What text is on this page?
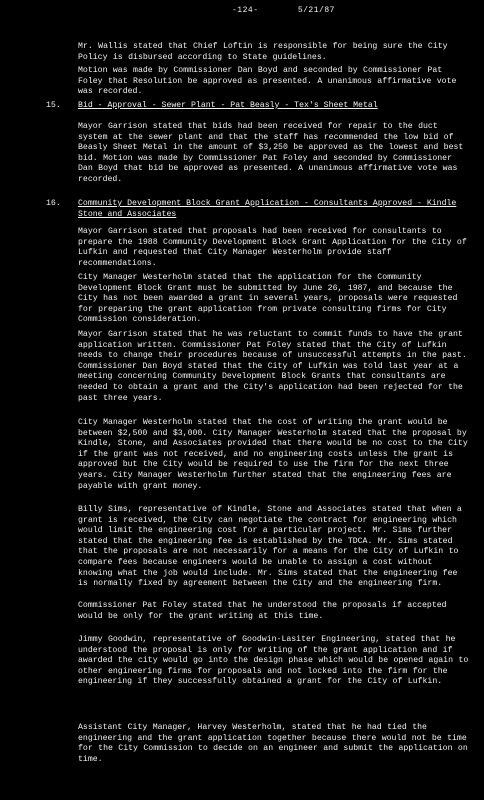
-124-	5/21/87

Mr. Wallis stated that Chief Loftin is responsible for being sure the City Policy is disbursed according to State guidelines.

Motion was made by Commissioner Dan Boyd and seconded by Commissioner Pat Foley that Resolution be approved as presented. A unanimous affirmative vote was recorded.

15. Bid - Approval - Sewer Plant - Pat Beasly - Tex's Sheet Metal

Mayor Garrison stated that bids had been received for repair to the duct system at the sewer plant and that the staff has recommended the low bid of Beasly Sheet Metal in the amount of $3,250 be approved as the lowest and best bid. Motion was made by Commissioner Pat Foley and seconded by Commissioner Dan Boyd that bid be approved as presented. A unanimous affirmative vote was recorded.

16. Community Development Block Grant Application - Consultants Approved - Kindle Stone and Associates

Mayor Garrison stated that proposals had been received for consultants to prepare the 1988 Community Development Block Grant Application for the City of Lufkin and requested that City Manager Westerholm provide staff recommendations.

City Manager Westerholm stated that the application for the Community Development Block Grant must be submitted by June 26, 1987, and because the City has not been awarded a grant in several years, proposals were requested for preparing the grant application from private consulting firms for City Commission consideration.

Mayor Garrison stated that he was reluctant to commit funds to have the grant application written. Commissioner Pat Foley stated that the City of Lufkin needs to change their procedures because of unsuccessful attempts in the past. Commissioner Dan Boyd stated that the City of Lufkin was told last year at a meeting concerning Community Development Block Grants that consultants are needed to obtain a grant and the City's application had been rejected for the past three years.

City Manager Westerholm stated that the cost of writing the grant would be between $2,500 and $3,000. City Manager Westerholm stated that the proposal by Kindle, Stone, and Associates provided that there would be no cost to the City if the grant was not received, and no engineering costs unless the grant is approved but the City would be required to use the firm for the next three years. City Manager Westerholm further stated that the engineering fees are payable with grant money.

Billy Sims, representative of Kindle, Stone and Associates stated that when a grant is received, the City can negotiate the contract for engineering which would limit the engineering cost for a particular project. Mr. Sims further stated that the engineering fee is established by the TDCA. Mr. Sims stated that the proposals are not necessarily for a means for the City of Lufkin to compare fees because engineers would be unable to assign a cost without knowing what the job would include. Mr. Sims stated that the engineering fee is normally fixed by agreement between the City and the engineering firm.

Commissioner Pat Foley stated that he understood the proposals if accepted would be only for the grant writing at this time.

Jimmy Goodwin, representative of Goodwin-Lasiter Engineering, stated that he understood the proposal is only for writing of the grant application and if awarded the city would go into the design phase which would be opened again to other engineering firms for proposals and not locked into the firm for the engineering if they successfully obtained a grant for the City of Lufkin.

Assistant City Manager, Harvey Westerholm, stated that he had tied the engineering and the grant application together because there would not be time for the City Commission to decide on an engineer and submit the application on time.
